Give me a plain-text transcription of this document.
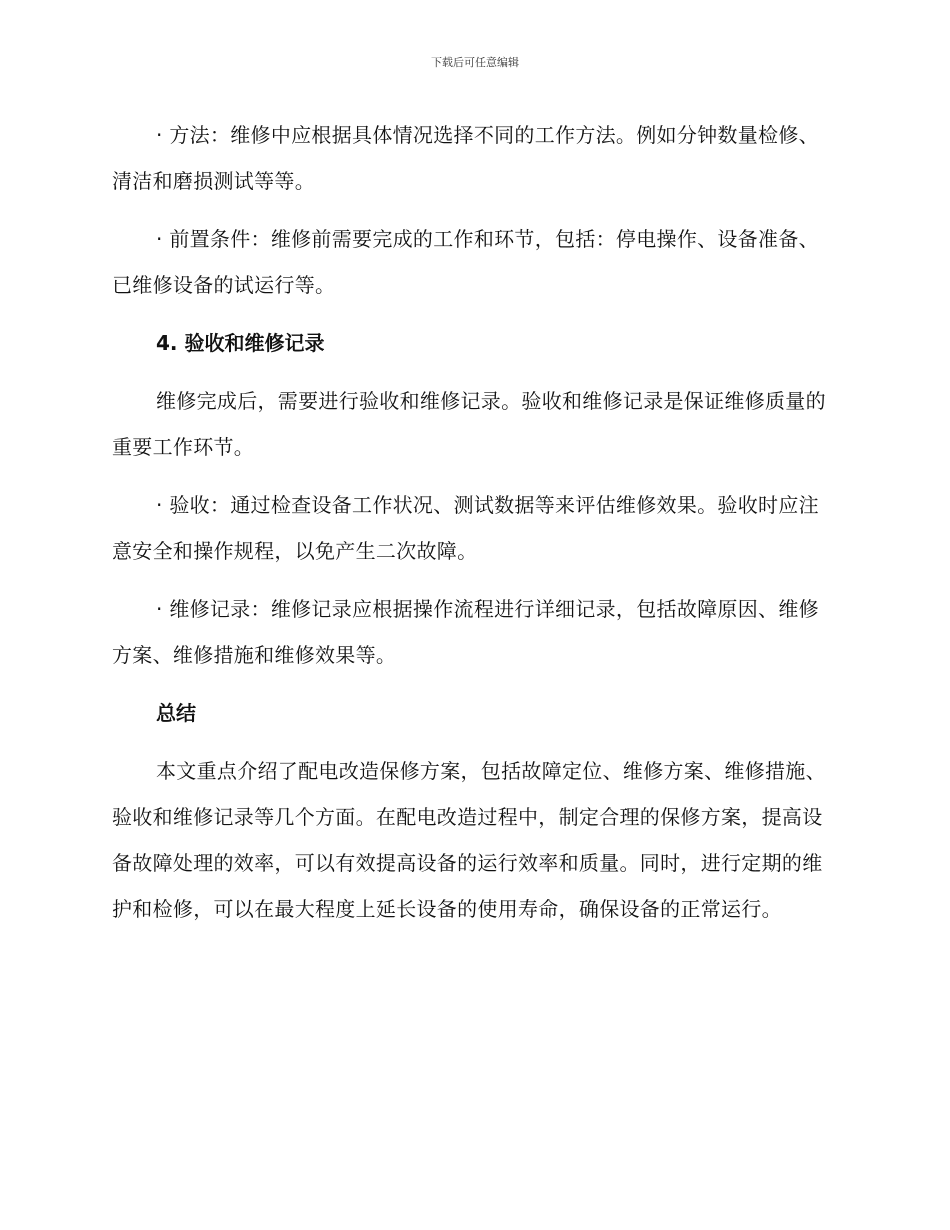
下载后可任意编辑

· 方法：维修中应根据具体情况选择不同的工作方法。例如分钟数量检修、清洁和磨损测试等等。

· 前置条件：维修前需要完成的工作和环节，包括：停电操作、设备准备、已维修设备的试运行等。

4. 验收和维修记录

维修完成后，需要进行验收和维修记录。验收和维修记录是保证维修质量的重要工作环节。

· 验收：通过检查设备工作状况、测试数据等来评估维修效果。验收时应注意安全和操作规程，以免产生二次故障。

· 维修记录：维修记录应根据操作流程进行详细记录，包括故障原因、维修方案、维修措施和维修效果等。

总结

本文重点介绍了配电改造保修方案，包括故障定位、维修方案、维修措施、验收和维修记录等几个方面。在配电改造过程中，制定合理的保修方案，提高设备故障处理的效率，可以有效提高设备的运行效率和质量。同时，进行定期的维护和检修，可以在最大程度上延长设备的使用寿命，确保设备的正常运行。
